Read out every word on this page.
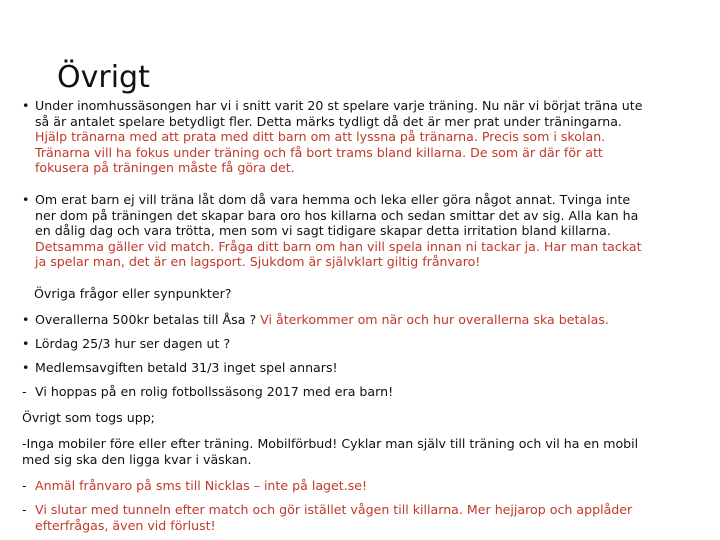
Övrigt
• Under inomhussäsongen har vi i snitt varit 20 st spelare varje träning. Nu när vi börjat träna ute
så är antalet spelare betydligt fler. Detta märks tydligt då det är mer prat under träningarna.
Hjälp tränarna med att prata med ditt barn om att lyssna på tränarna. Precis som i skolan.
Tränarna vill ha fokus under träning och få bort trams bland killarna. De som är där för att
fokusera på träningen måste få göra det.
• Om erat barn ej vill träna låt dom då vara hemma och leka eller göra något annat. Tvinga inte
ner dom på träningen det skapar bara oro hos killarna och sedan smittar det av sig. Alla kan ha
en dålig dag och vara trötta, men som vi sagt tidigare skapar detta irritation bland killarna.
Detsamma gäller vid match. Fråga ditt barn om han vill spela innan ni tackar ja. Har man tackat
ja spelar man, det är en lagsport. Sjukdom är självklart giltig frånvaro!
Övriga frågor eller synpunkter?
• Overallerna 500kr betalas till Åsa ? Vi återkommer om när och hur overallerna ska betalas.
• Lördag 25/3 hur ser dagen ut ?
• Medlemsavgiften betald 31/3 inget spel annars!
- Vi hoppas på en rolig fotbollssäsong 2017 med era barn!
Övrigt som togs upp;
-Inga mobiler före eller efter träning. Mobilförbud! Cyklar man själv till träning och vil ha en mobil
med sig ska den ligga kvar i väskan.
- Anmäl frånvaro på sms till Nicklas – inte på laget.se!
- Vi slutar med tunneln efter match och gör istället vågen till killarna. Mer hejjarop och applåder
efterfrågas, även vid förlust!
